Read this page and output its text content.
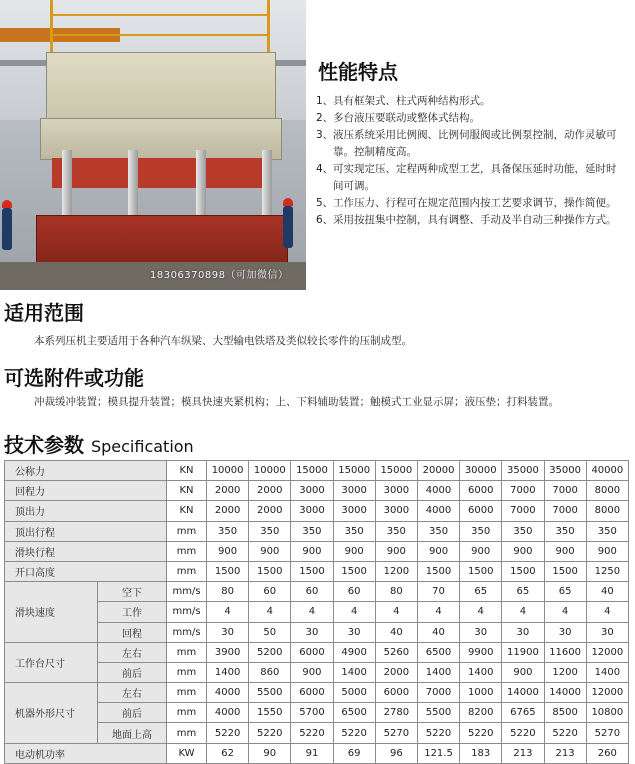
18306370898（可加微信）
性能特点
1、 具有框架式、柱式两种结构形式。
2、 多台液压要联动或整体式结构。
3、 液压系统采用比例阀、比例伺服阀或比例泵控制，动作灵敏可靠。控制精度高。
4、 可实现定压、定程两种成型工艺，具备保压延时功能，延时时间可调。
5、 工作压力、行程可在规定范围内按工艺要求调节，操作简便。
6、 采用按扭集中控制，具有调整、手动及半自动三种操作方式。
适用范围

本系列压机主要适用于各种汽车纵梁、大型输电铁塔及类似较长零件的压制成型。

可选附件或功能

冲裁缓冲装置；模具提升装置；模具快速夹紧机构；上、下料辅助装置；触模式工业显示屏；液压垫；打料装置。

技术参数 Specification
公称力		KN	10000	10000	15000	15000	15000	20000	30000	35000	35000	40000
回程力		KN	2000	2000	3000	3000	3000	4000	6000	7000	7000	8000
顶出力		KN	2000	2000	3000	3000	3000	4000	6000	7000	7000	8000
顶出行程		mm	350	350	350	350	350	350	350	350	350	350
滑块行程		mm	900	900	900	900	900	900	900	900	900	900
开口高度		mm	1500	1500	1500	1500	1200	1500	1500	1500	1500	1250
滑块速度	空下	mm/s	80	60	60	60	80	70	65	65	65	40
	工作	mm/s	4	4	4	4	4	4	4	4	4	4
	回程	mm/s	30	50	30	30	40	40	30	30	30	30
工作台尺寸	左右	mm	3900	5200	6000	4900	5260	6500	9900	11900	11600	12000
	前后	mm	1400	860	900	1400	2000	1400	1400	900	1200	1400
机器外形尺寸	左右	mm	4000	5500	6000	5000	6000	7000	1000	14000	14000	12000
	前后	mm	4000	1550	5700	6500	2780	5500	8200	6765	8500	10800
	地面上高	mm	5220	5220	5220	5220	5270	5220	5220	5220	5220	5270
电动机功率		KW	62	90	91	69	96	121.5	183	213	213	260
